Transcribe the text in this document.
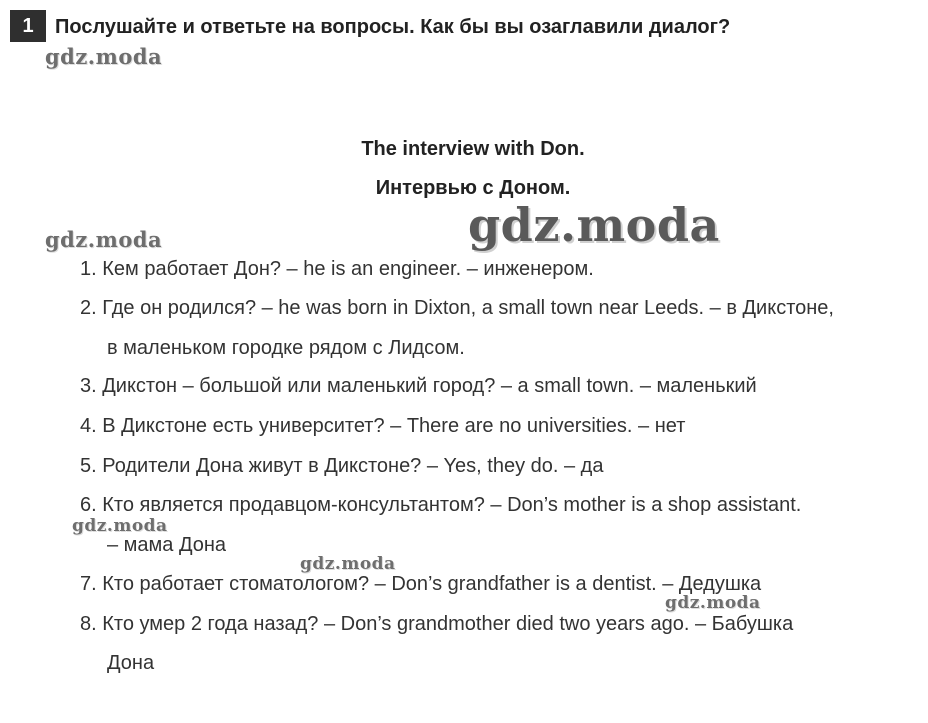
1	Послушайте и ответьте на вопросы. Как бы вы озаглавили диалог?
gdz.moda
The interview with Don.
Интервью с Доном.
gdz.moda	gdz.moda
1. Кем работает Дон? – he is an engineer. – инженером.
2. Где он родился? – he was born in Dixton, a small town near Leeds. – в Дикстоне,
в маленьком городке рядом с Лидсом.
3. Дикстон – большой или маленький город? – a small town. – маленький
4. В Дикстоне есть университет? – There are no universities. – нет
5. Родители Дона живут в Дикстоне? – Yes, they do. – да
6. Кто является продавцом-консультантом? – Don’s mother is a shop assistant.
– мама Дона
7. Кто работает стоматологом? – Don’s grandfather is a dentist. – Дедушка
8. Кто умер 2 года назад? – Don’s grandmother died two years ago. – Бабушка
Дона
gdz.moda
gdz.moda
gdz.moda
